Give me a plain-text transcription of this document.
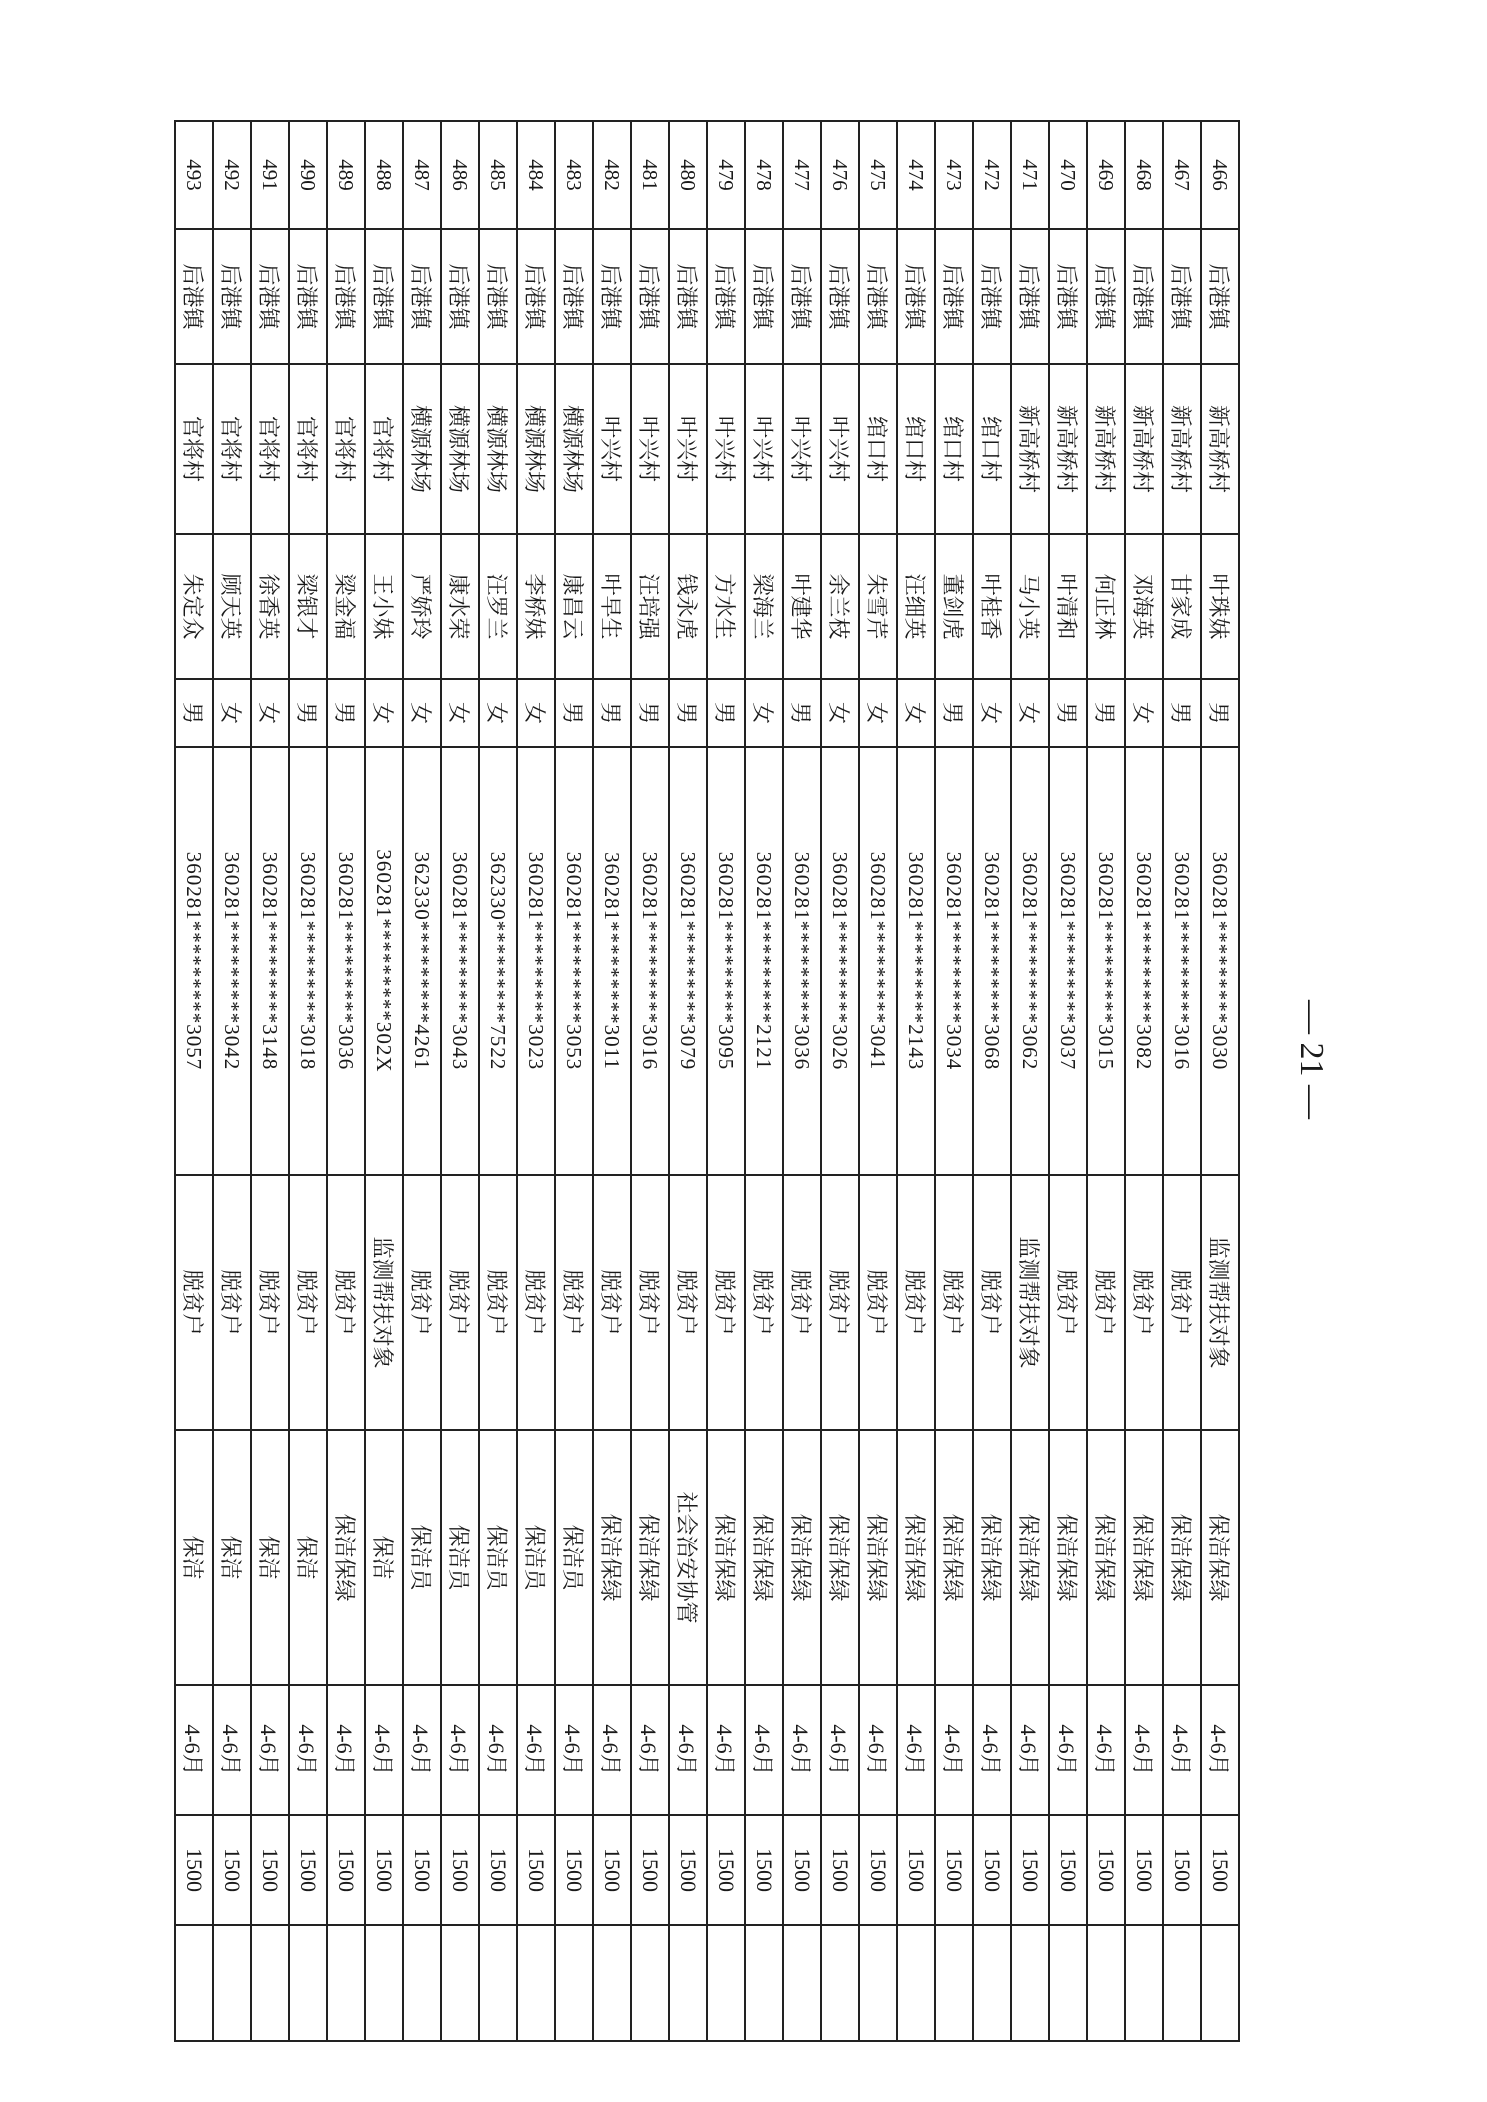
466	后港镇	新高桥村	叶珠妹	男	360281*********3030	监测帮扶对象	保洁保绿	4-6月	1500	
467	后港镇	新高桥村	甘家成	男	360281*********3016	脱贫户	保洁保绿	4-6月	1500	
468	后港镇	新高桥村	邓海英	女	360281*********3082	脱贫户	保洁保绿	4-6月	1500	
469	后港镇	新高桥村	何正林	男	360281*********3015	脱贫户	保洁保绿	4-6月	1500	
470	后港镇	新高桥村	叶清和	男	360281*********3037	脱贫户	保洁保绿	4-6月	1500	
471	后港镇	新高桥村	马小英	女	360281*********3062	监测帮扶对象	保洁保绿	4-6月	1500	
472	后港镇	绾口村	叶桂香	女	360281*********3068	脱贫户	保洁保绿	4-6月	1500	
473	后港镇	绾口村	董剑虎	男	360281*********3034	脱贫户	保洁保绿	4-6月	1500	
474	后港镇	绾口村	汪细英	女	360281*********2143	脱贫户	保洁保绿	4-6月	1500	
475	后港镇	绾口村	朱雪芹	女	360281*********3041	脱贫户	保洁保绿	4-6月	1500	
476	后港镇	叶兴村	余兰枝	女	360281*********3026	脱贫户	保洁保绿	4-6月	1500	
477	后港镇	叶兴村	叶建华	男	360281*********3036	脱贫户	保洁保绿	4-6月	1500	
478	后港镇	叶兴村	梁海兰	女	360281*********2121	脱贫户	保洁保绿	4-6月	1500	
479	后港镇	叶兴村	方水生	男	360281*********3095	脱贫户	保洁保绿	4-6月	1500	
480	后港镇	叶兴村	钱永虎	男	360281*********3079	脱贫户	社会治安协管	4-6月	1500	
481	后港镇	叶兴村	汪培强	男	360281*********3016	脱贫户	保洁保绿	4-6月	1500	
482	后港镇	叶兴村	叶早生	男	360281*********3011	脱贫户	保洁保绿	4-6月	1500	
483	后港镇	横源林场	康昌云	男	360281*********3053	脱贫户	保洁员	4-6月	1500	
484	后港镇	横源林场	李桥妹	女	360281*********3023	脱贫户	保洁员	4-6月	1500	
485	后港镇	横源林场	汪罗兰	女	362330*********7522	脱贫户	保洁员	4-6月	1500	
486	后港镇	横源林场	康水荣	女	360281*********3043	脱贫户	保洁员	4-6月	1500	
487	后港镇	横源林场	严娇玲	女	362330*********4261	脱贫户	保洁员	4-6月	1500	
488	后港镇	官将村	王小妹	女	360281*********302X	监测帮扶对象	保洁	4-6月	1500	
489	后港镇	官将村	梁金福	男	360281*********3036	脱贫户	保洁保绿	4-6月	1500	
490	后港镇	官将村	梁银才	男	360281*********3018	脱贫户	保洁	4-6月	1500	
491	后港镇	官将村	徐香英	女	360281*********3148	脱贫户	保洁	4-6月	1500	
492	后港镇	官将村	顾天英	女	360281*********3042	脱贫户	保洁	4-6月	1500	
493	后港镇	官将村	朱定众	男	360281*********3057	脱贫户	保洁	4-6月	1500	
— 21 —
